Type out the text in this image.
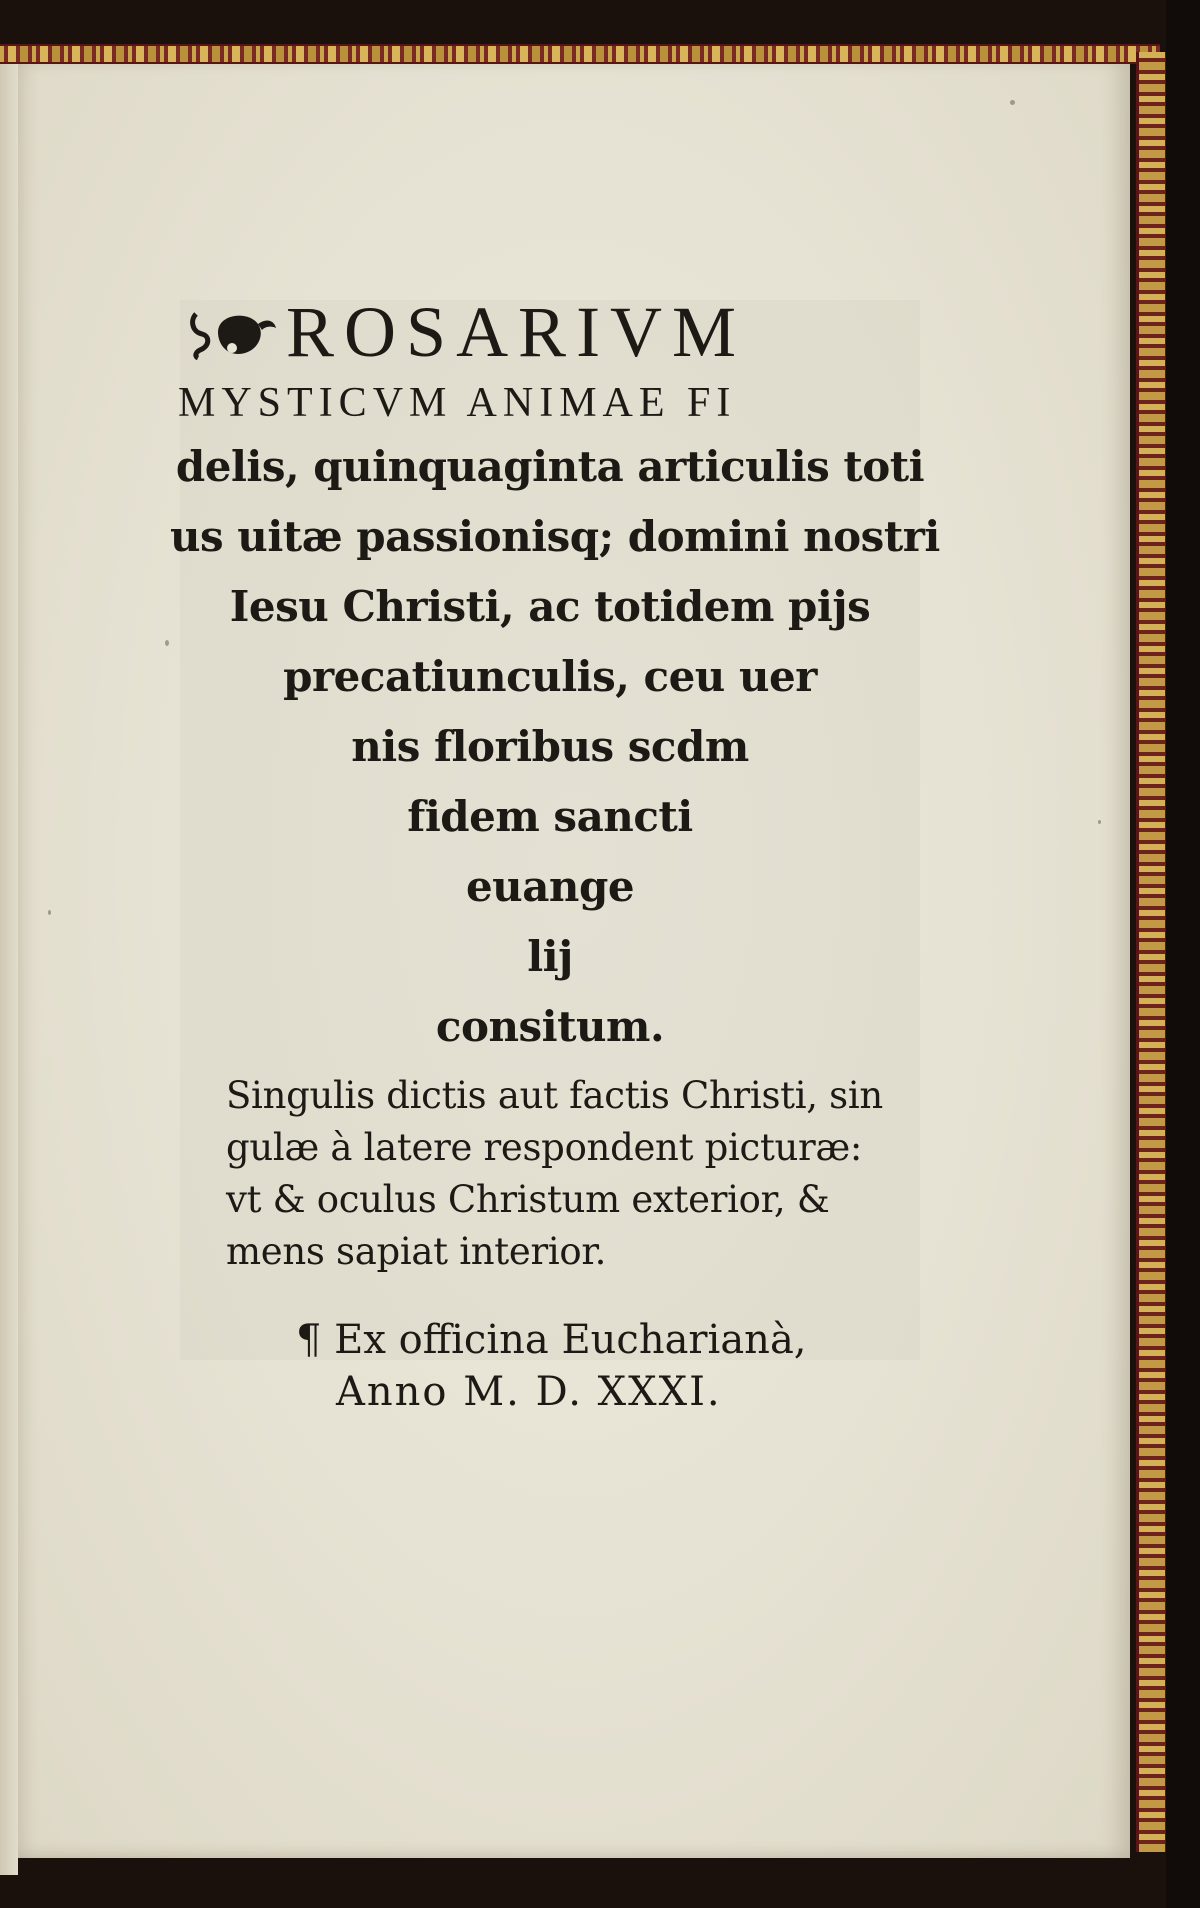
ROSARIVM
MYSTICVM ANIMAE FI
delis, quinquaginta articulis toti
us uitæ passionisq; domini nostri
Iesu Christi, ac totidem pijs
precatiunculis, ceu uer
nis floribus scdm
fidem sancti
euange
lij
consitum.
Singulis dictis aut factis Christi, sin
gulæ à latere respondent picturæ:
vt & oculus Christum exterior, &
mens sapiat interior.
¶ Ex officina Eucharianà,
Anno M. D. XXXI.
